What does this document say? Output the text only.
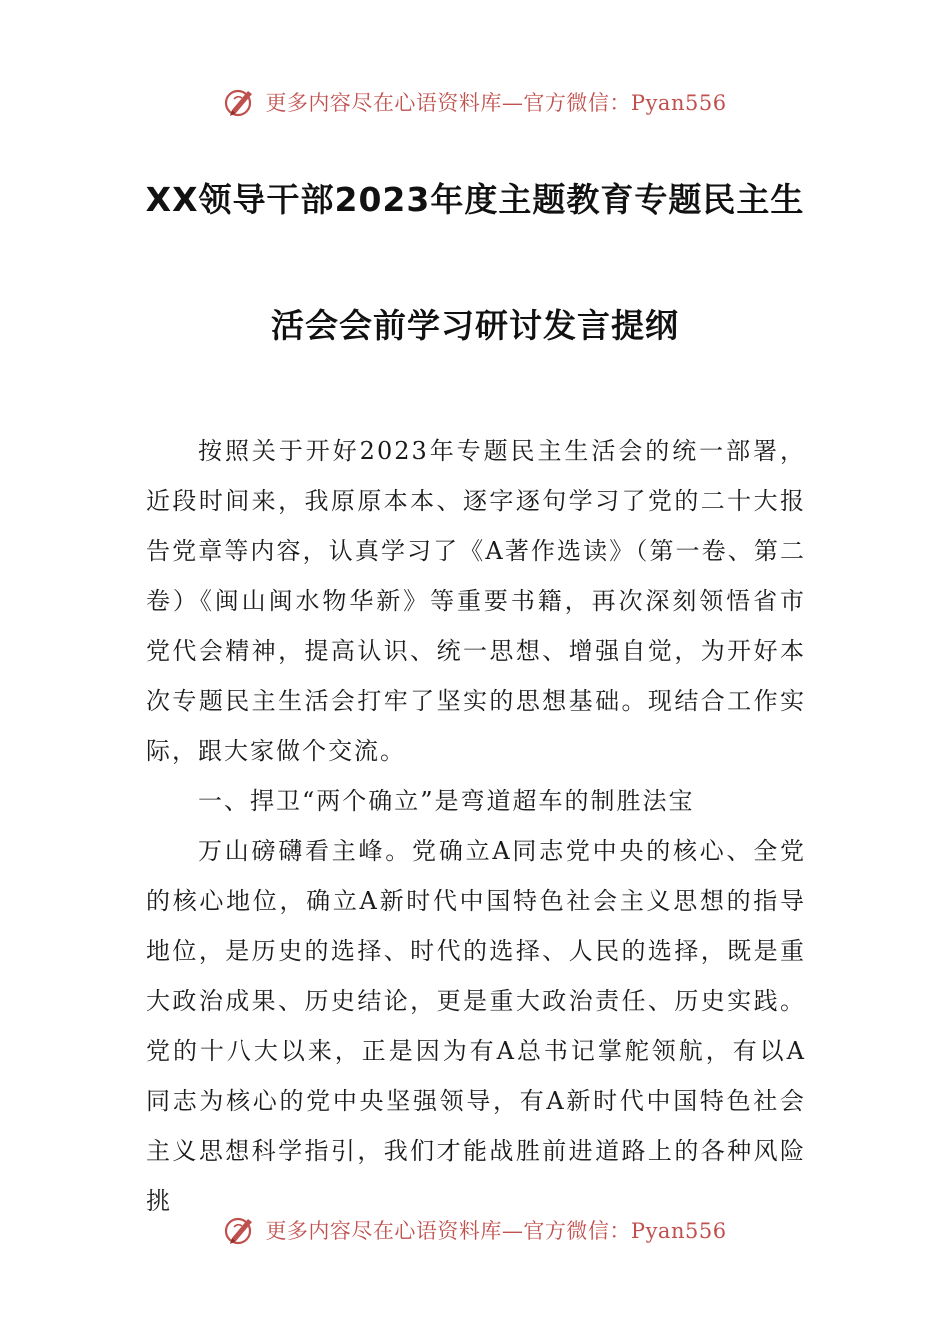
更多内容尽在心语资料库—官方微信：Pyan556
XX领导干部2023年度主题教育专题民主生
活会会前学习研讨发言提纲

按照关于开好2023年专题民主生活会的统一部署，近段时间来，我原原本本、逐字逐句学习了党的二十大报告党章等内容，认真学习了《A著作选读》（第一卷、第二卷）《闽山闽水物华新》等重要书籍，再次深刻领悟省市党代会精神，提高认识、统一思想、增强自觉，为开好本次专题民主生活会打牢了坚实的思想基础。现结合工作实际，跟大家做个交流。

一、捍卫“两个确立”是弯道超车的制胜法宝

万山磅礴看主峰。党确立A同志党中央的核心、全党的核心地位，确立A新时代中国特色社会主义思想的指导地位，是历史的选择、时代的选择、人民的选择，既是重大政治成果、历史结论，更是重大政治责任、历史实践。党的十八大以来，正是因为有A总书记掌舵领航，有以A同志为核心的党中央坚强领导，有A新时代中国特色社会主义思想科学指引，我们才能战胜前进道路上的各种风险挑

更多内容尽在心语资料库—官方微信：Pyan556
